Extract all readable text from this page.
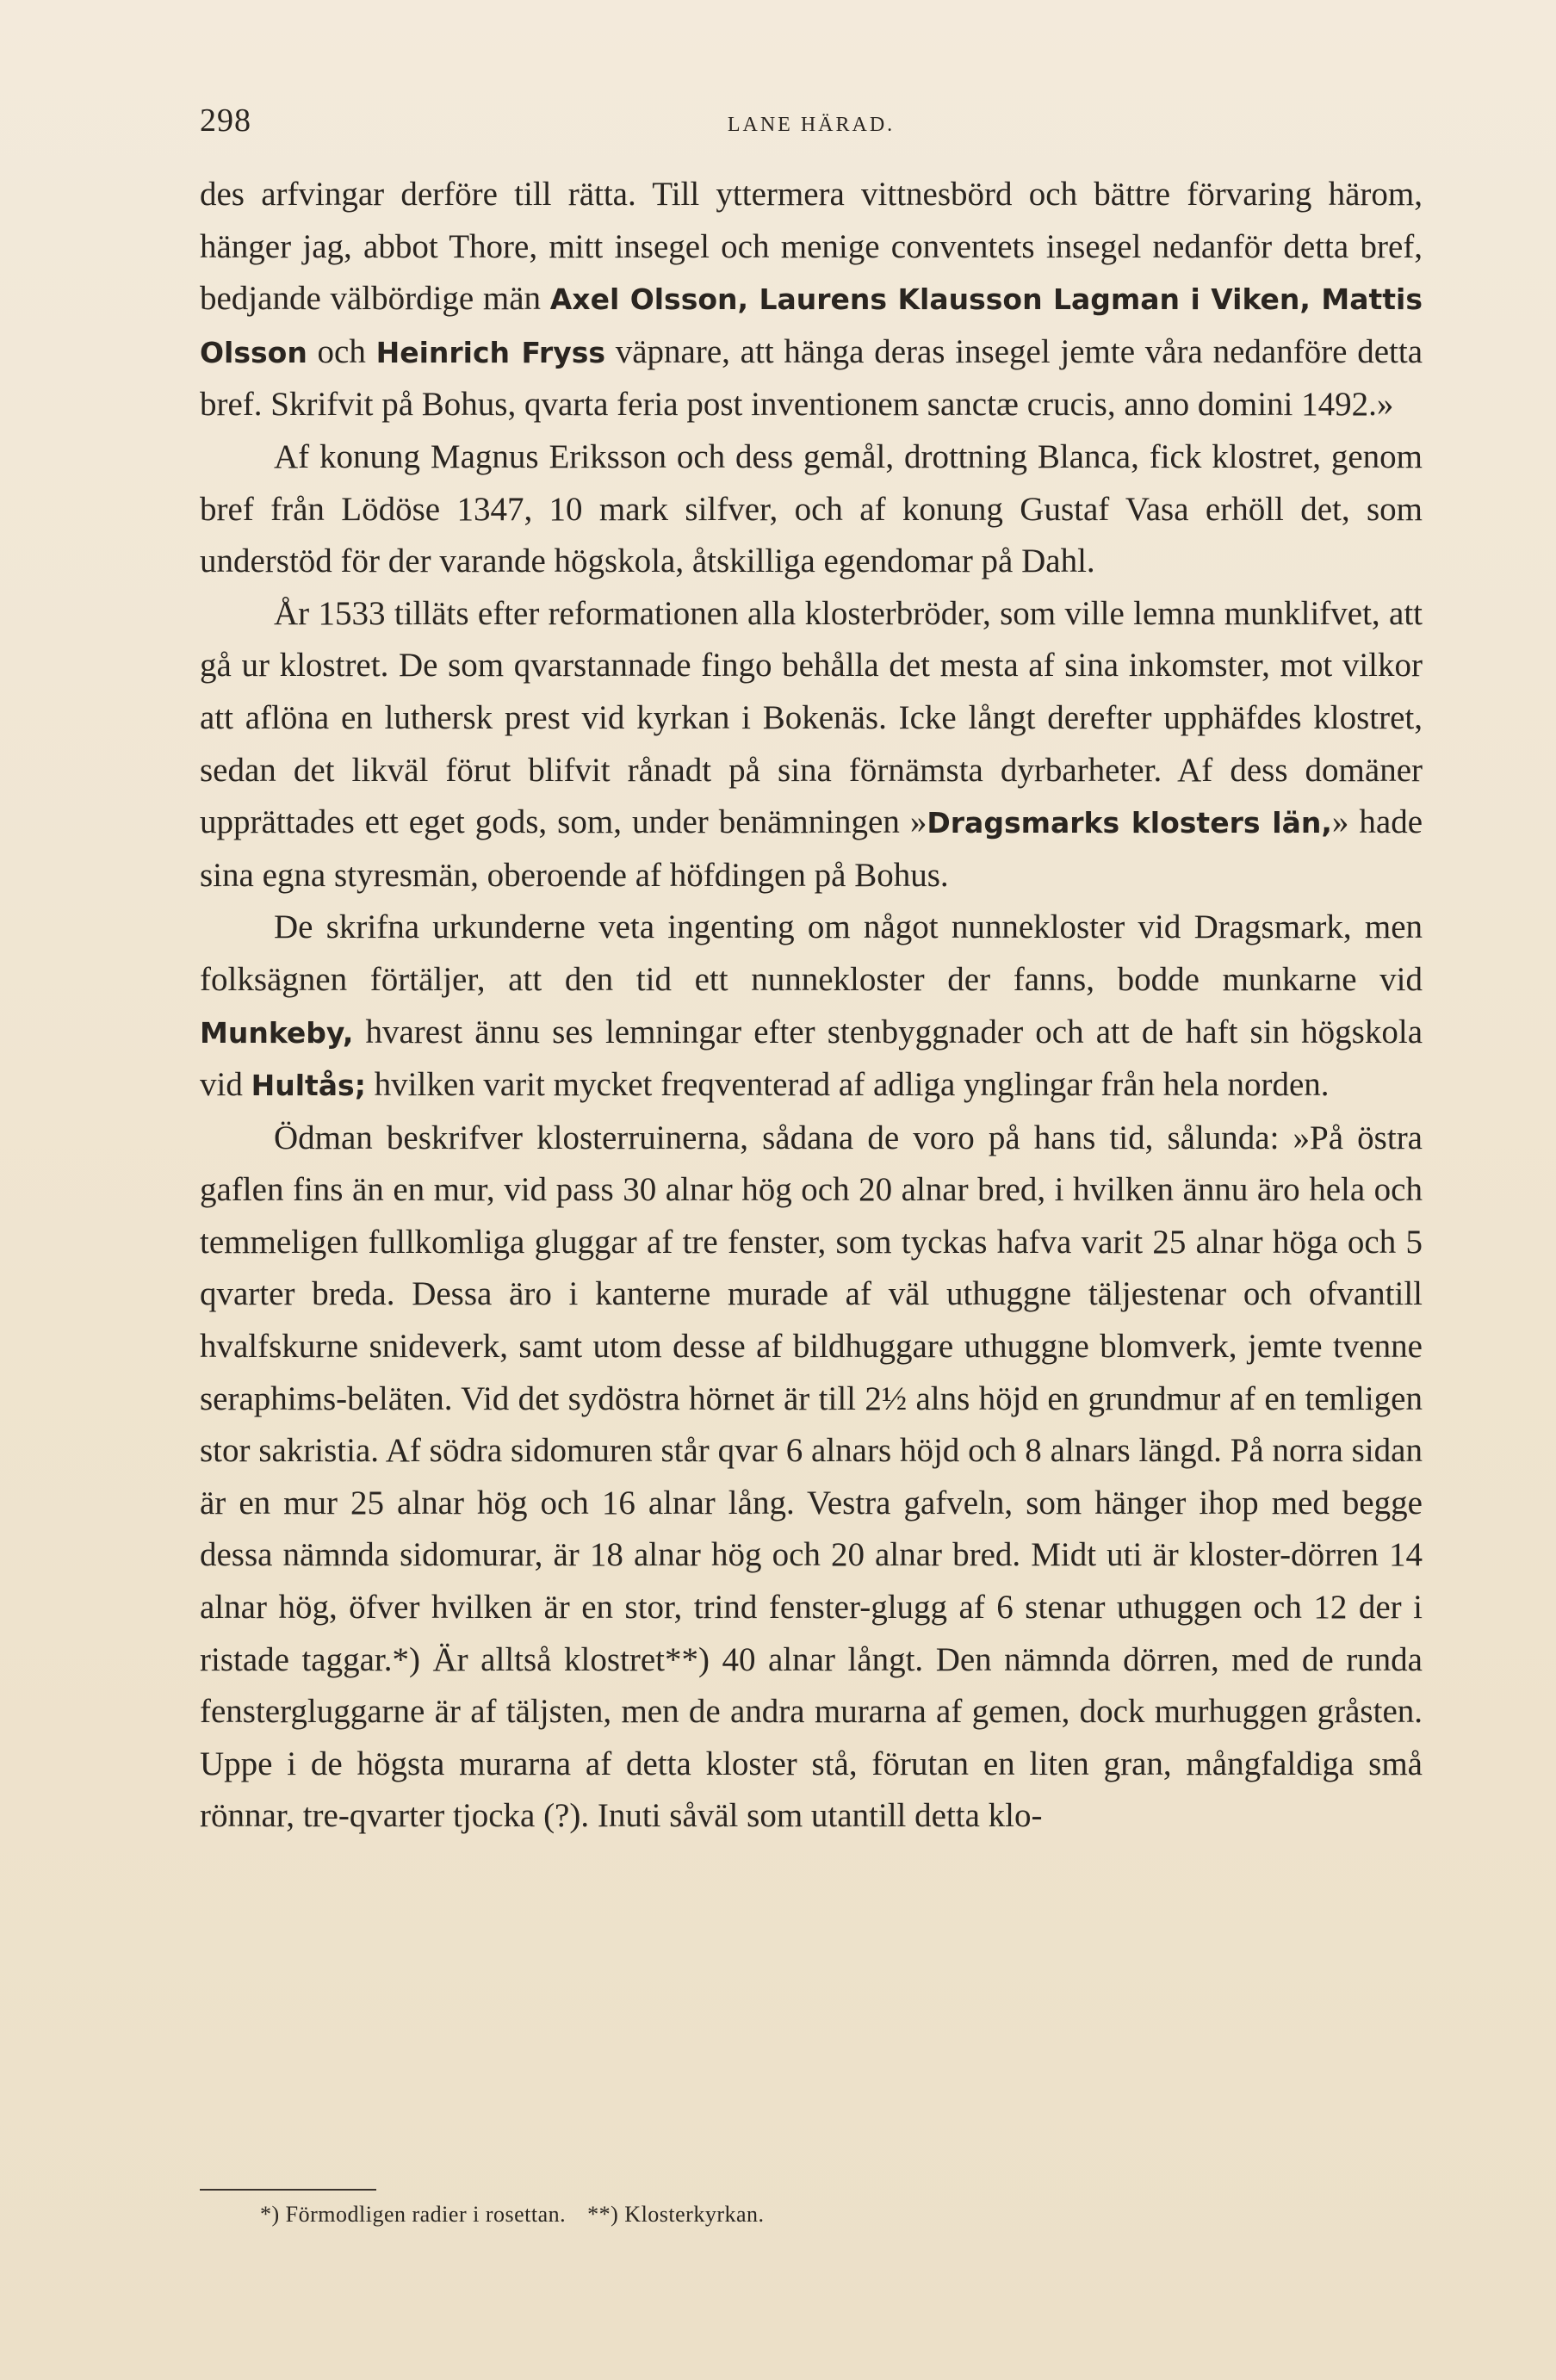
298	LANE HÄRAD.

des arfvingar derföre till rätta. Till yttermera vittnesbörd och bättre förvaring härom, hänger jag, abbot Thore, mitt insegel och menige conventets insegel nedanför detta bref, bedjande välbördige män Axel Olsson, Laurens Klausson Lagman i Viken, Mattis Olsson och Heinrich Fryss väpnare, att hänga deras insegel jemte våra nedanföre detta bref. Skrifvit på Bohus, qvarta feria post inventionem sanctæ crucis, anno domini 1492.»

Af konung Magnus Eriksson och dess gemål, drottning Blanca, fick klostret, genom bref från Lödöse 1347, 10 mark silfver, och af konung Gustaf Vasa erhöll det, som understöd för der varande högskola, åtskilliga egendomar på Dahl.

År 1533 tilläts efter reformationen alla klosterbröder, som ville lemna munklifvet, att gå ur klostret. De som qvarstannade fingo behålla det mesta af sina inkomster, mot vilkor att aflöna en luthersk prest vid kyrkan i Bokenäs. Icke långt derefter upphäfdes klostret, sedan det likväl förut blifvit rånadt på sina förnämsta dyrbarheter. Af dess domäner upprättades ett eget gods, som, under benämningen »Dragsmarks klosters län,» hade sina egna styresmän, oberoende af höfdingen på Bohus.

De skrifna urkunderne veta ingenting om något nunnekloster vid Dragsmark, men folksägnen förtäljer, att den tid ett nunnekloster der fanns, bodde munkarne vid Munkeby, hvarest ännu ses lemningar efter stenbyggnader och att de haft sin högskola vid Hultås; hvilken varit mycket freqventerad af adliga ynglingar från hela norden.

Ödman beskrifver klosterruinerna, sådana de voro på hans tid, sålunda: »På östra gaflen fins än en mur, vid pass 30 alnar hög och 20 alnar bred, i hvilken ännu äro hela och temmeligen fullkomliga gluggar af tre fenster, som tyckas hafva varit 25 alnar höga och 5 qvarter breda. Dessa äro i kanterne murade af väl uthuggne täljestenar och ofvantill hvalfskurne snideverk, samt utom desse af bildhuggare uthuggne blomverk, jemte tvenne seraphims-beläten. Vid det sydöstra hörnet är till 2½ alns höjd en grundmur af en temligen stor sakristia. Af södra sidomuren står qvar 6 alnars höjd och 8 alnars längd. På norra sidan är en mur 25 alnar hög och 16 alnar lång. Vestra gafveln, som hänger ihop med begge dessa nämnda sidomurar, är 18 alnar hög och 20 alnar bred. Midt uti är kloster-dörren 14 alnar hög, öfver hvilken är en stor, trind fenster-glugg af 6 stenar uthuggen och 12 der i ristade taggar.*) Är alltså klostret**) 40 alnar långt. Den nämnda dörren, med de runda fenstergluggarne är af täljsten, men de andra murarna af gemen, dock murhuggen gråsten. Uppe i de högsta murarna af detta kloster stå, förutan en liten gran, mångfaldiga små rönnar, tre-qvarter tjocka (?). Inuti såväl som utantill detta klo-

*) Förmodligen radier i rosettan. **) Klosterkyrkan.
